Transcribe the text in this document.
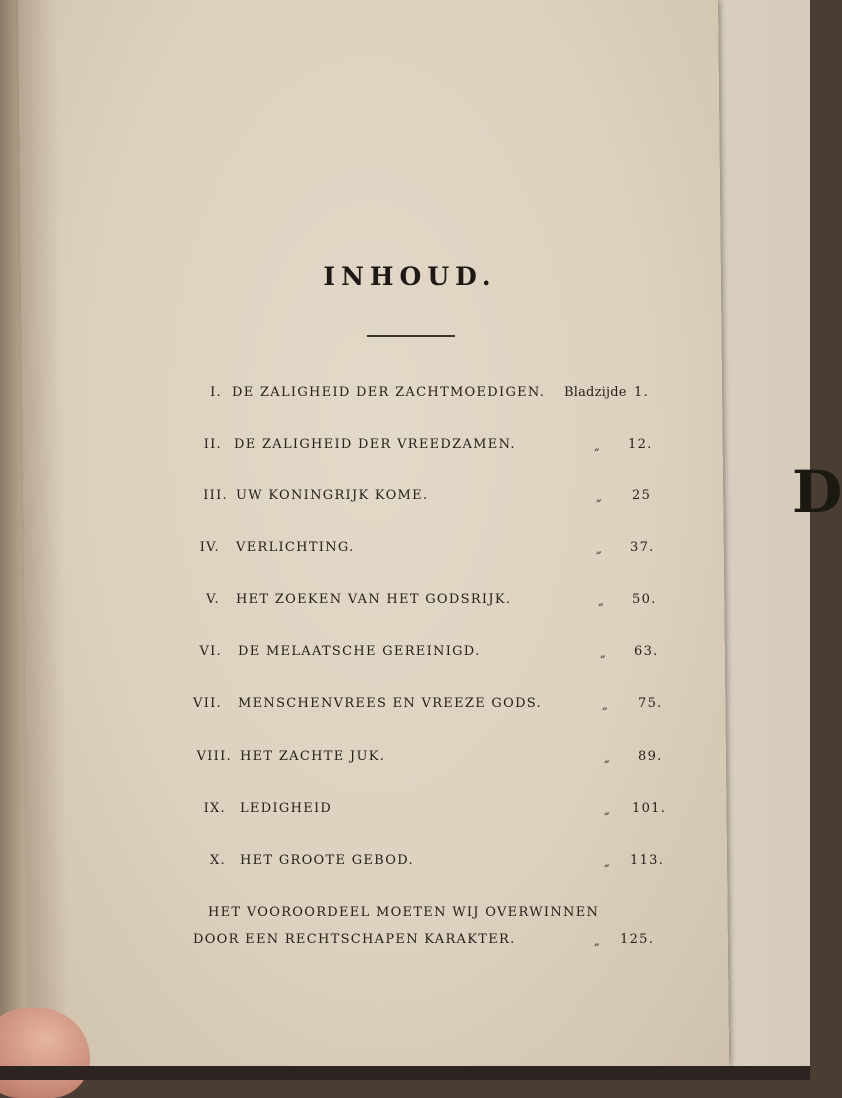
D
INHOUD.
I. DE ZALIGHEID DER ZACHTMOEDIGEN. Bladzijde 1.
II. DE ZALIGHEID DER VREEDZAMEN.	„ 12.
III. UW KONINGRIJK KOME.	„ 25
IV. VERLICHTING.	„ 37.
V. HET ZOEKEN VAN HET GODSRIJK.	„ 50.
VI. DE MELAATSCHE GEREINIGD.	„ 63.
VII. MENSCHENVREES EN VREEZE GODS.	„ 75.
VIII. HET ZACHTE JUK.	„ 89.
IX. LEDIGHEID	„ 101.
X. HET GROOTE GEBOD.	„ 113.
HET VOOROORDEEL MOETEN WIJ OVERWINNEN
DOOR EEN RECHTSCHAPEN KARAKTER.	„ 125.
